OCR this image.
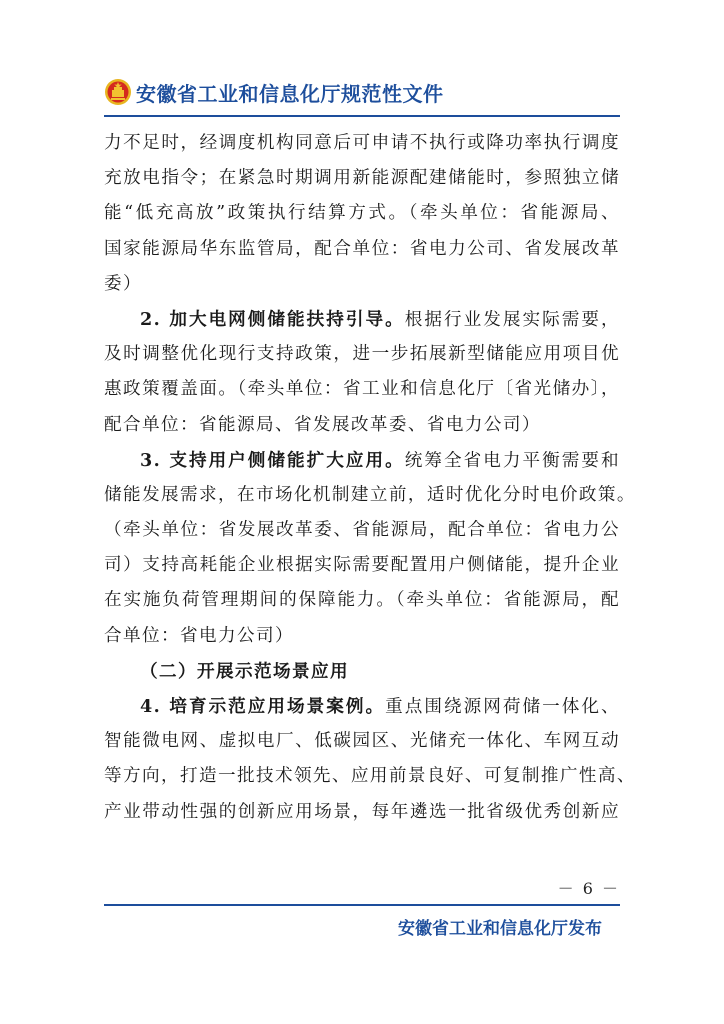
安徽省工业和信息化厅规范性文件
力不足时，经调度机构同意后可申请不执行或降功率执行调度
充放电指令；在紧急时期调用新能源配建储能时，参照独立储
能“低充高放”政策执行结算方式。（牵头单位：省能源局、
国家能源局华东监管局，配合单位：省电力公司、省发展改革
委）
2. 加大电网侧储能扶持引导。根据行业发展实际需要，
及时调整优化现行支持政策，进一步拓展新型储能应用项目优
惠政策覆盖面。（牵头单位：省工业和信息化厅〔省光储办〕，
配合单位：省能源局、省发展改革委、省电力公司）
3. 支持用户侧储能扩大应用。统筹全省电力平衡需要和
储能发展需求，在市场化机制建立前，适时优化分时电价政策。
（牵头单位：省发展改革委、省能源局，配合单位：省电力公
司）支持高耗能企业根据实际需要配置用户侧储能，提升企业
在实施负荷管理期间的保障能力。（牵头单位：省能源局，配
合单位：省电力公司）
（二）开展示范场景应用
4. 培育示范应用场景案例。重点围绕源网荷储一体化、
智能微电网、虚拟电厂、低碳园区、光储充一体化、车网互动
等方向，打造一批技术领先、应用前景良好、可复制推广性高、
产业带动性强的创新应用场景，每年遴选一批省级优秀创新应
－ 6 －
安徽省工业和信息化厅发布
